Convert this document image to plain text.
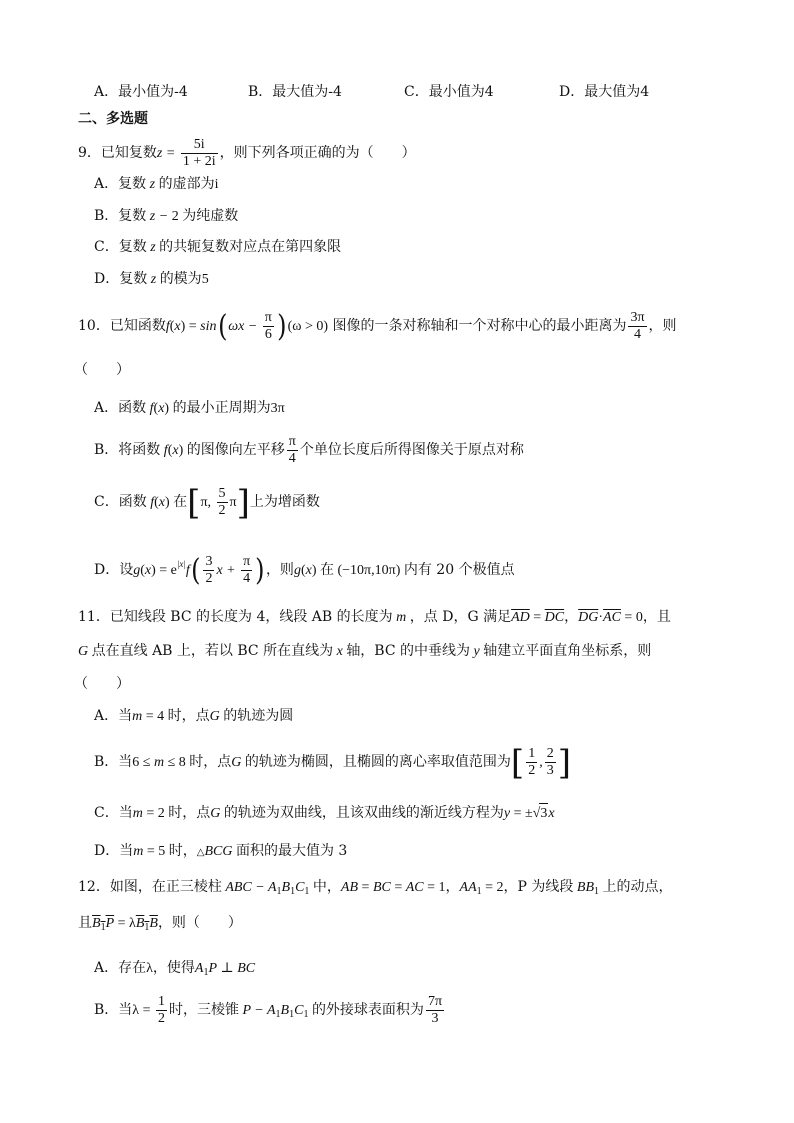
A．最小值为-4	B．最大值为-4	C．最小值为4	D．最大值为4
二、多选题
9．已知复数$z = \frac{5i}{1 + 2i}$ ，则下列各项正确的为（　　）
A．复数 z 的虚部为i
B．复数 z − 2 为纯虚数
C．复数 z 的共轭复数对应点在第四象限
D．复数 z 的模为5
10．已知函数$f(x) = \sin(\omega x - \frac{\pi}{6} )(\omega > 0)$ 图像的一条对称轴和一个对称中心的最小距离为 $\frac{3\pi}{4}$ ，则
（　　）
A．函数 f(x) 的最小正周期为3π
B．将函数 f(x) 的图像向左平移 $\frac{\pi}{4}$ 个单位长度后所得图像关于原点对称
C．函数 f(x) 在[π, $\frac{5}{2} \pi$]上为增函数
D．设$g(x) = e^{|x|}f( \frac{3}{2}$ $x + \frac{\pi}{4}$ )，则g(x) 在 (−10π,10π) 内有 20 个极值点
11．已知线段 BC 的长度为 4，线段 AB 的长度为 m ，点 D，G 满足$\overline{AD} = \overline{DC}$，$\overline{DG}\cdot\overline{AC} = 0$，且
G 点在直线 AB 上，若以 BC 所在直线为 x 轴，BC 的中垂线为 y 轴建立平面直角坐标系，则
（　　）
A．当m = 4 时，点G 的轨迹为圆
B．当6 ≤ m ≤ 8 时，点G 的轨迹为椭圆，且椭圆的离心率取值范围为[ $\frac{1}{2}$ , $\frac{2}{3}$ ]
C．当m = 2 时，点G 的轨迹为双曲线，且该双曲线的渐近线方程为y = ±√3x
D．当m = 5 时，△BCG 面积的最大值为 3
12．如图，在正三棱柱 ABC − $A_1B_1C_1$ 中，AB = BC = AC = 1，$AA_1 = 2$，P 为线段 $BB_1$ 上的动点，
且$B_1P = \lambda B_1B$，则（　　）
A．存在λ，使得$A_1P$ ⊥ BC
B．当$\lambda = \frac{1}{2}$ 时，三棱锥 $P - A_1B_1C_1$ 的外接球表面积为 $\frac{7\pi}{3}$
